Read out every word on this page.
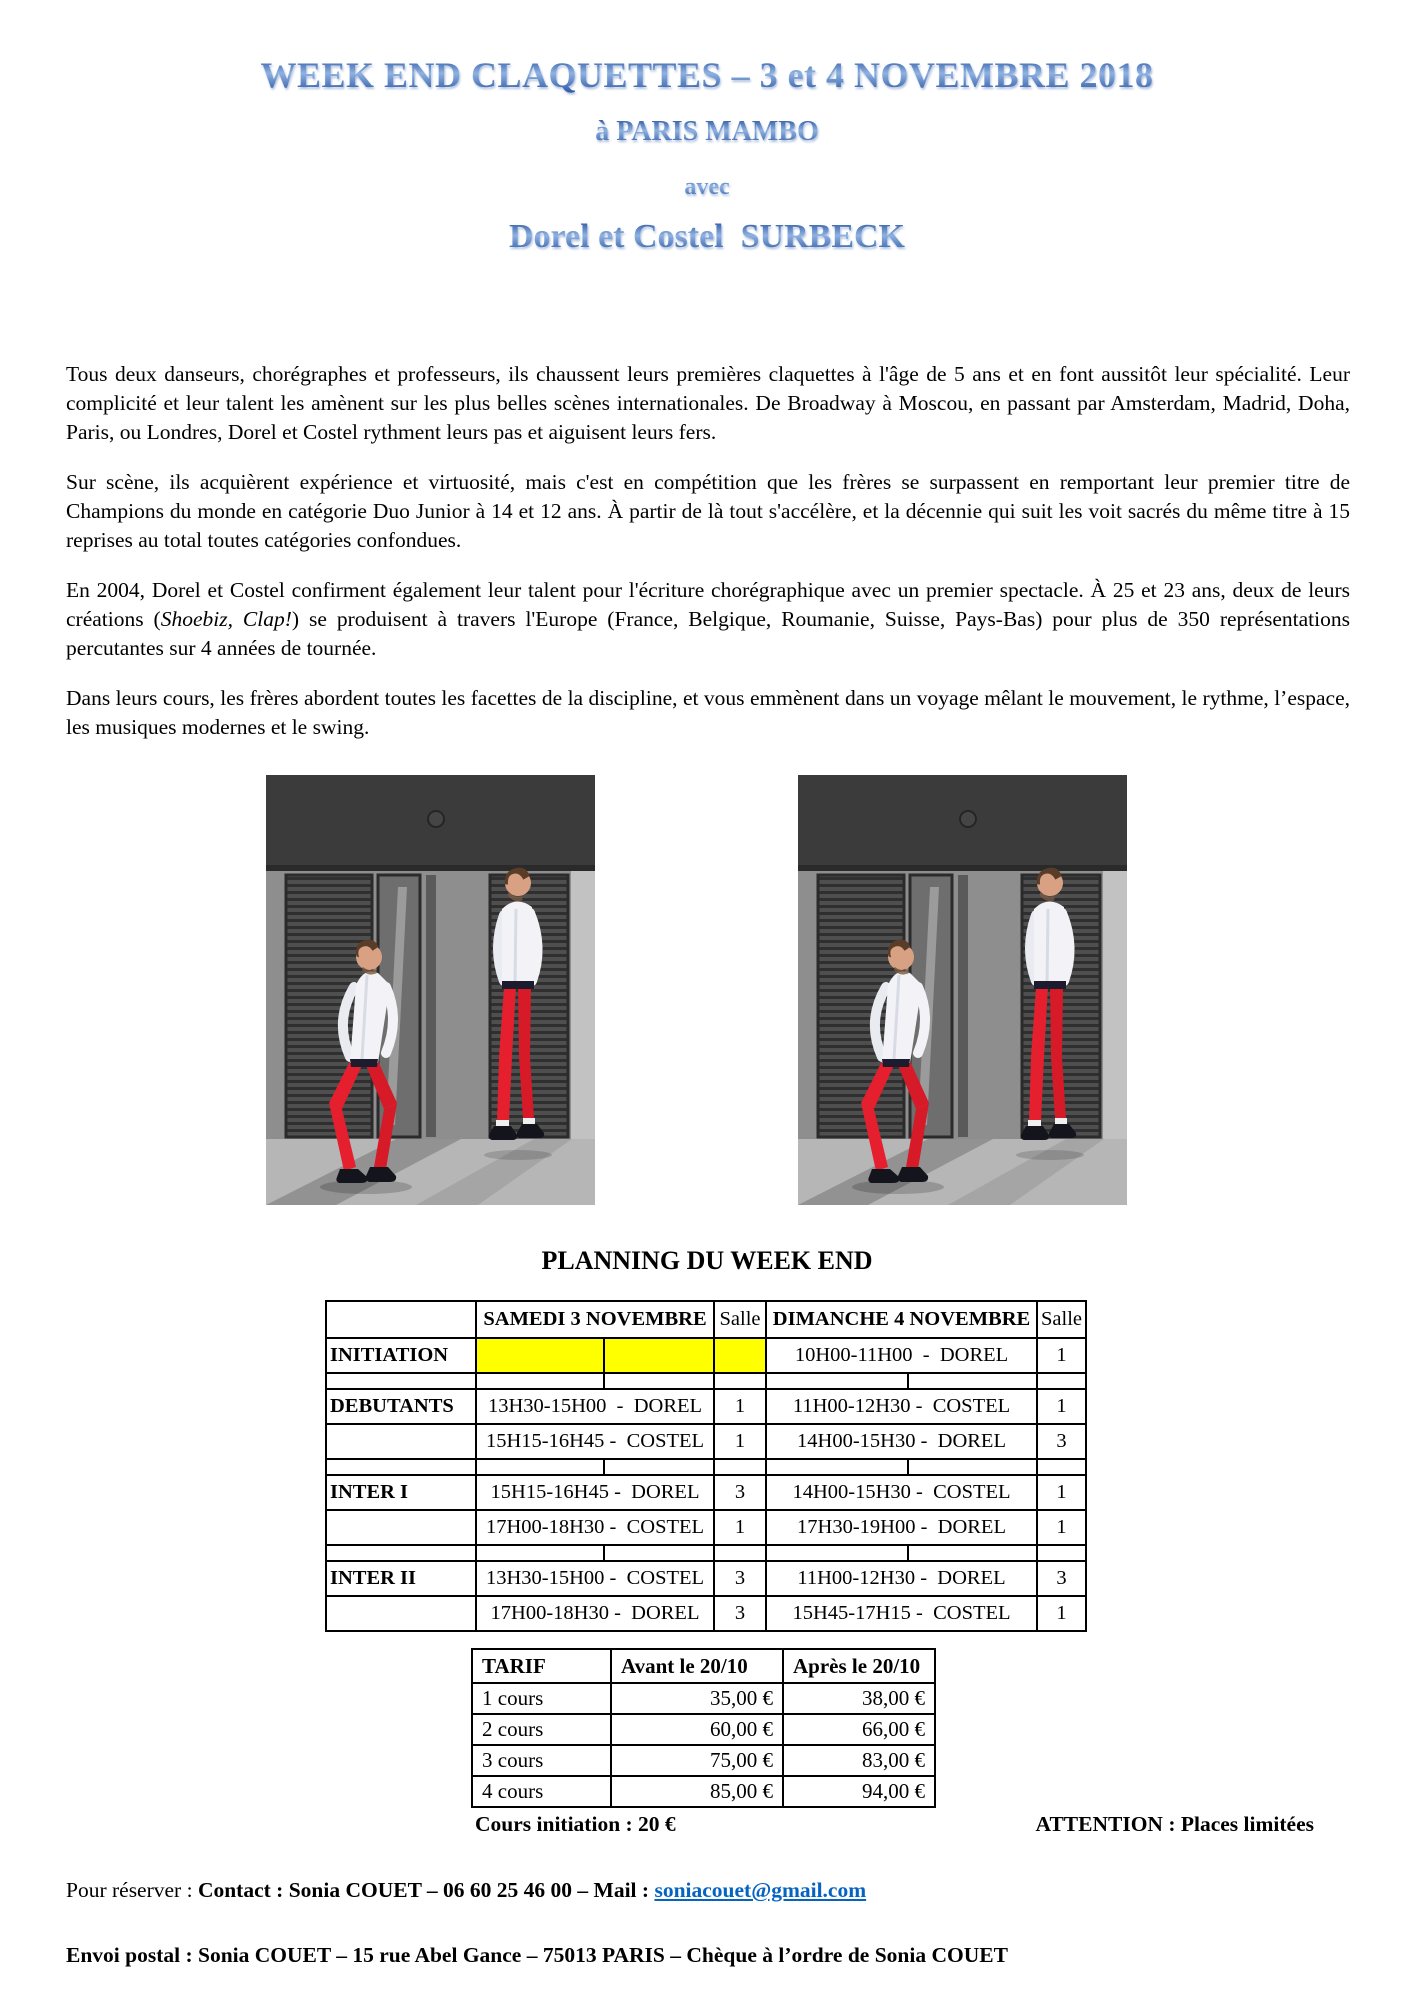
WEEK END CLAQUETTES – 3 et 4 NOVEMBRE 2018
à PARIS MAMBO
avec
Dorel et Costel  SURBECK

Tous deux danseurs, chorégraphes et professeurs, ils chaussent leurs premières claquettes à l'âge de 5 ans et en font aussitôt leur spécialité. Leur complicité et leur talent les amènent sur les plus belles scènes internationales. De Broadway à Moscou, en passant par Amsterdam, Madrid, Doha, Paris, ou Londres, Dorel et Costel rythment leurs pas et aiguisent leurs fers.

Sur scène, ils acquièrent expérience et virtuosité, mais c'est en compétition que les frères se surpassent en remportant leur premier titre de Champions du monde en catégorie Duo Junior à 14 et 12 ans. À partir de là tout s'accélère, et la décennie qui suit les voit sacrés du même titre à 15 reprises au total toutes catégories confondues.

En 2004, Dorel et Costel confirment également leur talent pour l'écriture chorégraphique avec un premier spectacle. À 25 et 23 ans, deux de leurs créations (Shoebiz, Clap!) se produisent à travers l'Europe (France, Belgique, Roumanie, Suisse, Pays-Bas) pour plus de 350 représentations percutantes sur 4 années de tournée.

Dans leurs cours, les frères abordent toutes les facettes de la discipline, et vous emmènent dans un voyage mêlant le mouvement, le rythme, l’espace, les musiques modernes et le swing.

PLANNING DU WEEK END
	SAMEDI 3 NOVEMBRE		Salle	DIMANCHE 4 NOVEMBRE		Salle
INITIATION				10H00-11H00  -  DOREL		1

DEBUTANTS	13H30-15H00  -  DOREL		1	11H00-12H30 -  COSTEL		1
	15H15-16H45 -  COSTEL		1	14H00-15H30 -  DOREL		3

INTER I	15H15-16H45 -  DOREL		3	14H00-15H30 -  COSTEL		1
	17H00-18H30 -  COSTEL		1	17H30-19H00 -  DOREL		1

INTER II	13H30-15H00 -  COSTEL		3	11H00-12H30 -  DOREL		3
	17H00-18H30 -  DOREL		3	15H45-17H15 -  COSTEL		1
TARIF	Avant le 20/10	Après le 20/10
1 cours	35,00 €	38,00 €
2 cours	60,00 €	66,00 €
3 cours	75,00 €	83,00 €
4 cours	85,00 €	94,00 €
Cours initiation : 20 €	ATTENTION : Places limitées
Pour réserver : Contact : Sonia COUET – 06 60 25 46 00 – Mail : soniacouet@gmail.com
Envoi postal : Sonia COUET – 15 rue Abel Gance – 75013 PARIS – Chèque à l’ordre de Sonia COUET
